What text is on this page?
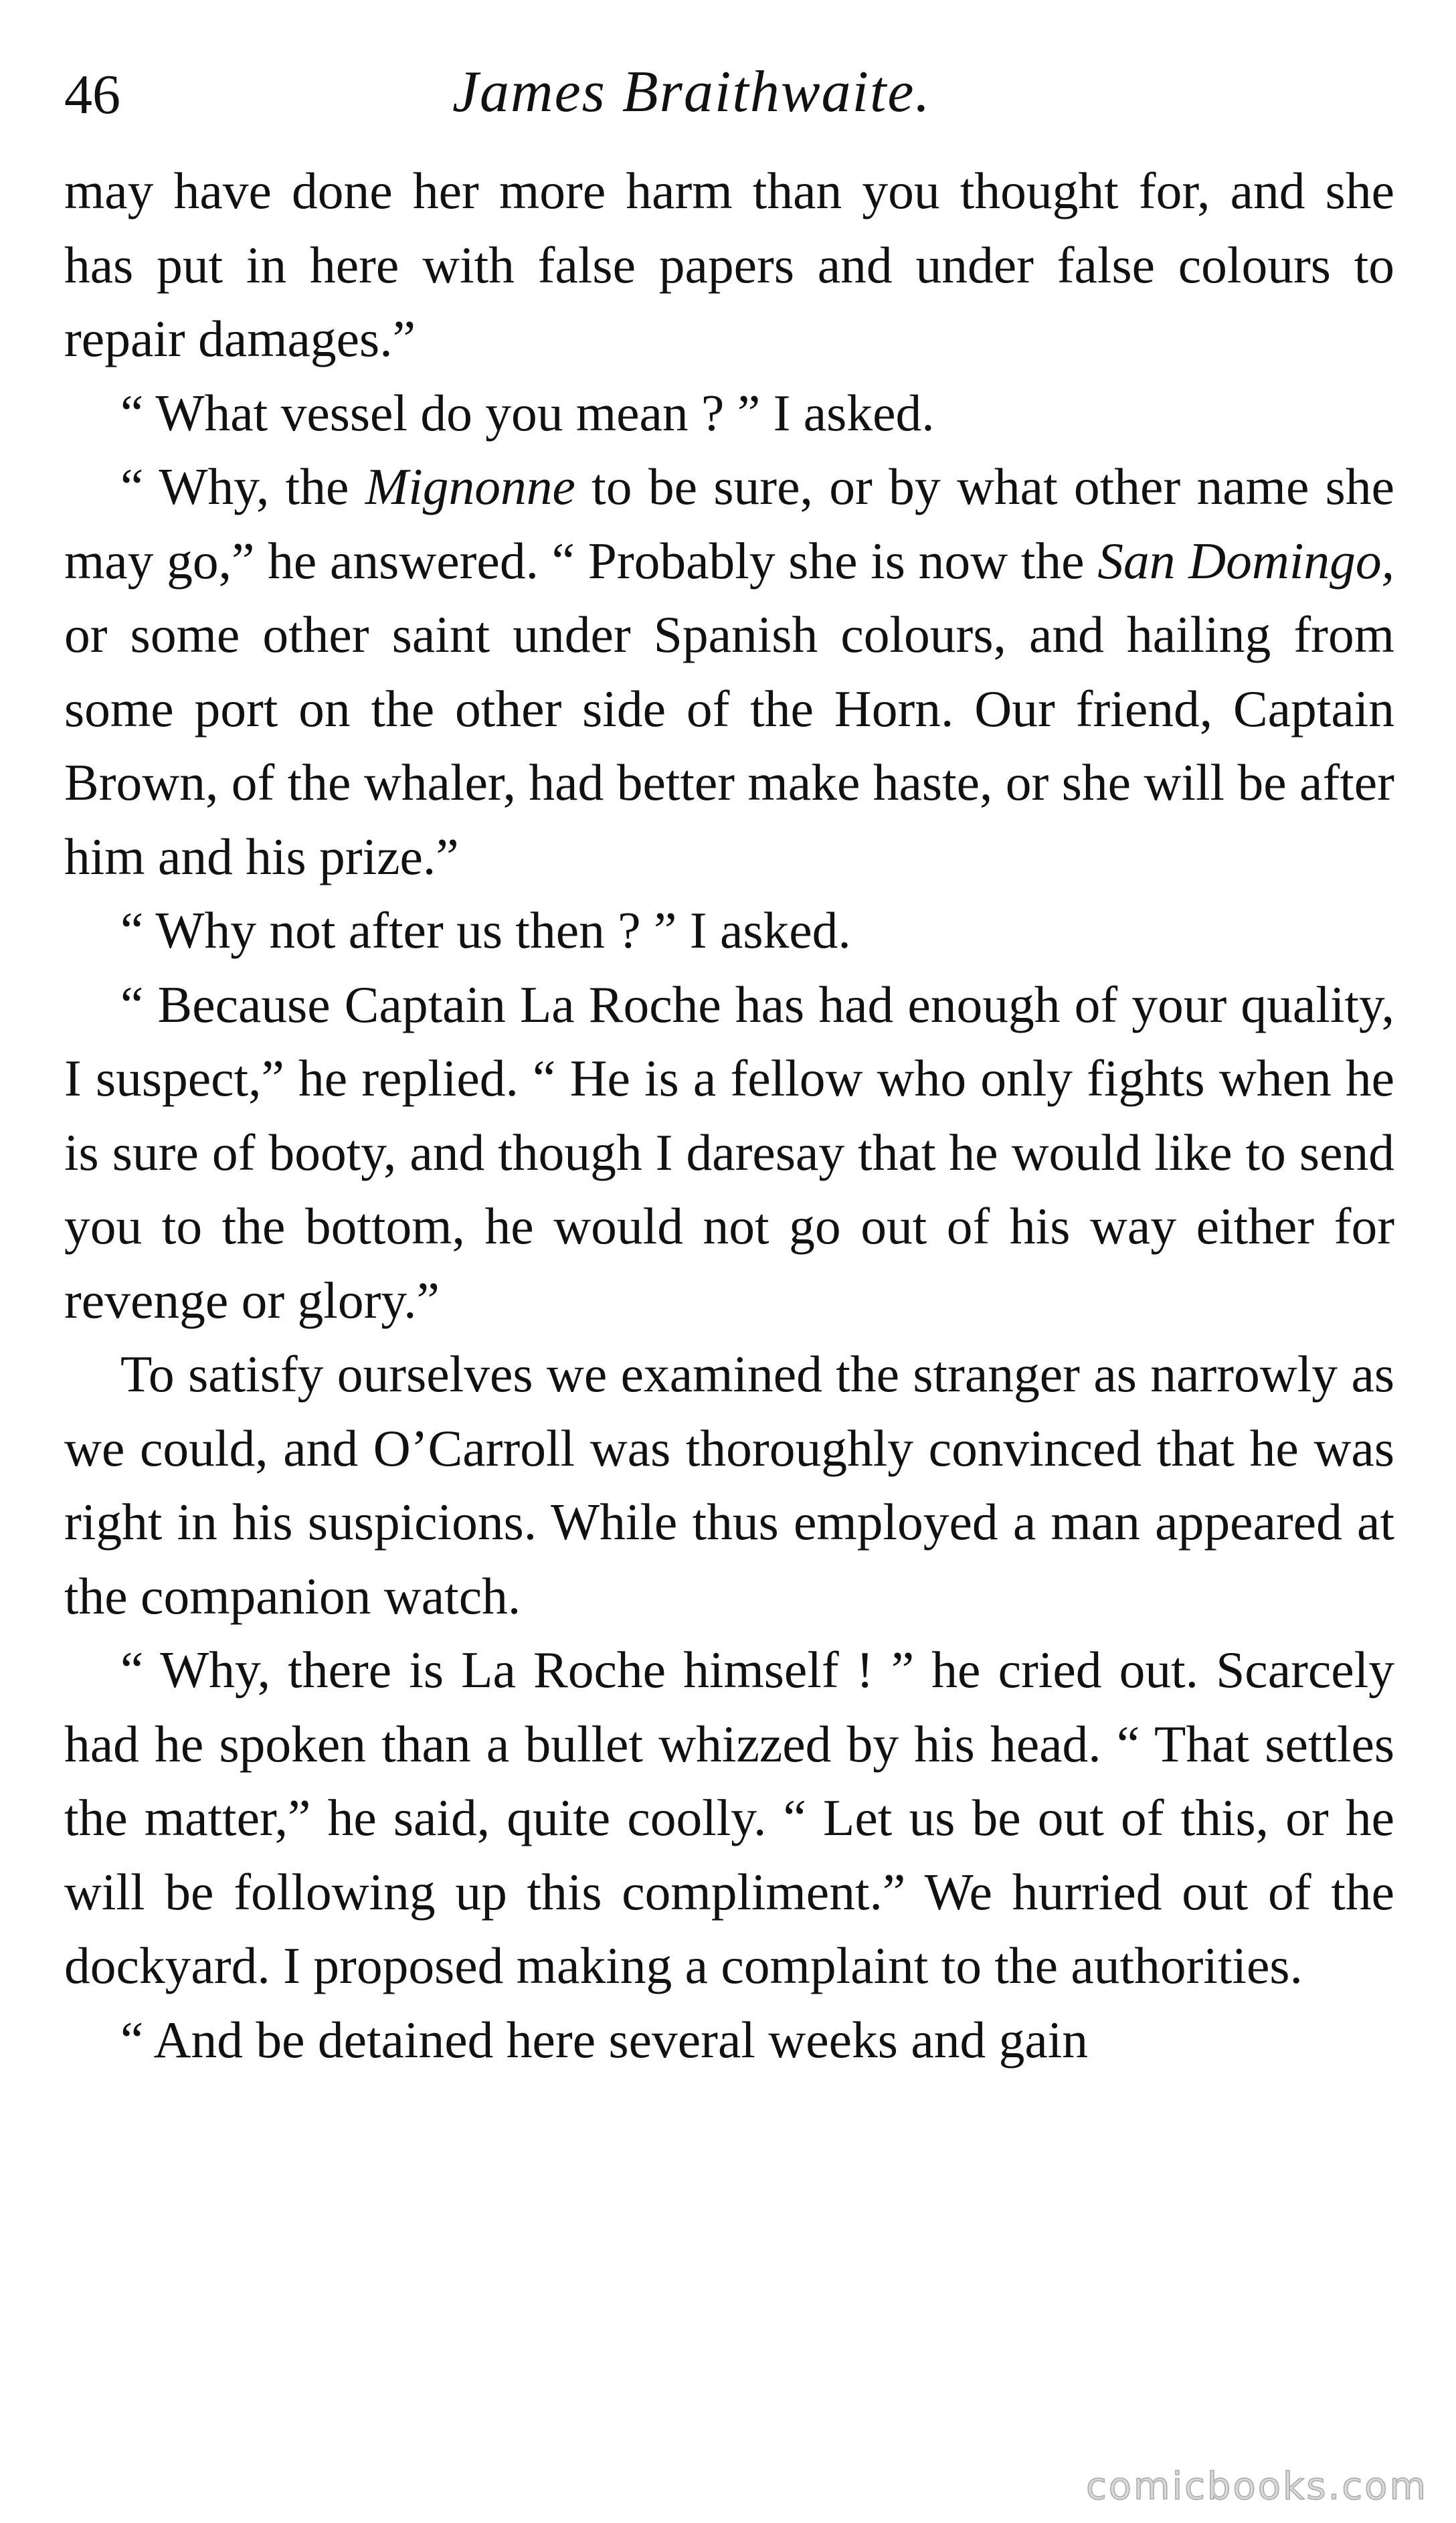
46	James Braithwaite.

may have done her more harm than you thought for, and she has put in here with false papers and under false colours to repair damages.”

“ What vessel do you mean ? ” I asked.

“ Why, the Mignonne to be sure, or by what other name she may go,” he answered. “ Probably she is now the San Domingo, or some other saint under Spanish colours, and hailing from some port on the other side of the Horn. Our friend, Captain Brown, of the whaler, had better make haste, or she will be after him and his prize.”

“ Why not after us then ? ” I asked.

“ Because Captain La Roche has had enough of your quality, I suspect,” he replied. “ He is a fellow who only fights when he is sure of booty, and though I daresay that he would like to send you to the bottom, he would not go out of his way either for revenge or glory.”

To satisfy ourselves we examined the stranger as narrowly as we could, and O’Carroll was thoroughly convinced that he was right in his suspicions. While thus employed a man appeared at the companion watch.

“ Why, there is La Roche himself ! ” he cried out. Scarcely had he spoken than a bullet whizzed by his head. “ That settles the matter,” he said, quite coolly. “ Let us be out of this, or he will be following up this compliment.” We hurried out of the dockyard. I proposed making a complaint to the authorities.

“ And be detained here several weeks and gain

comicbooks.com
